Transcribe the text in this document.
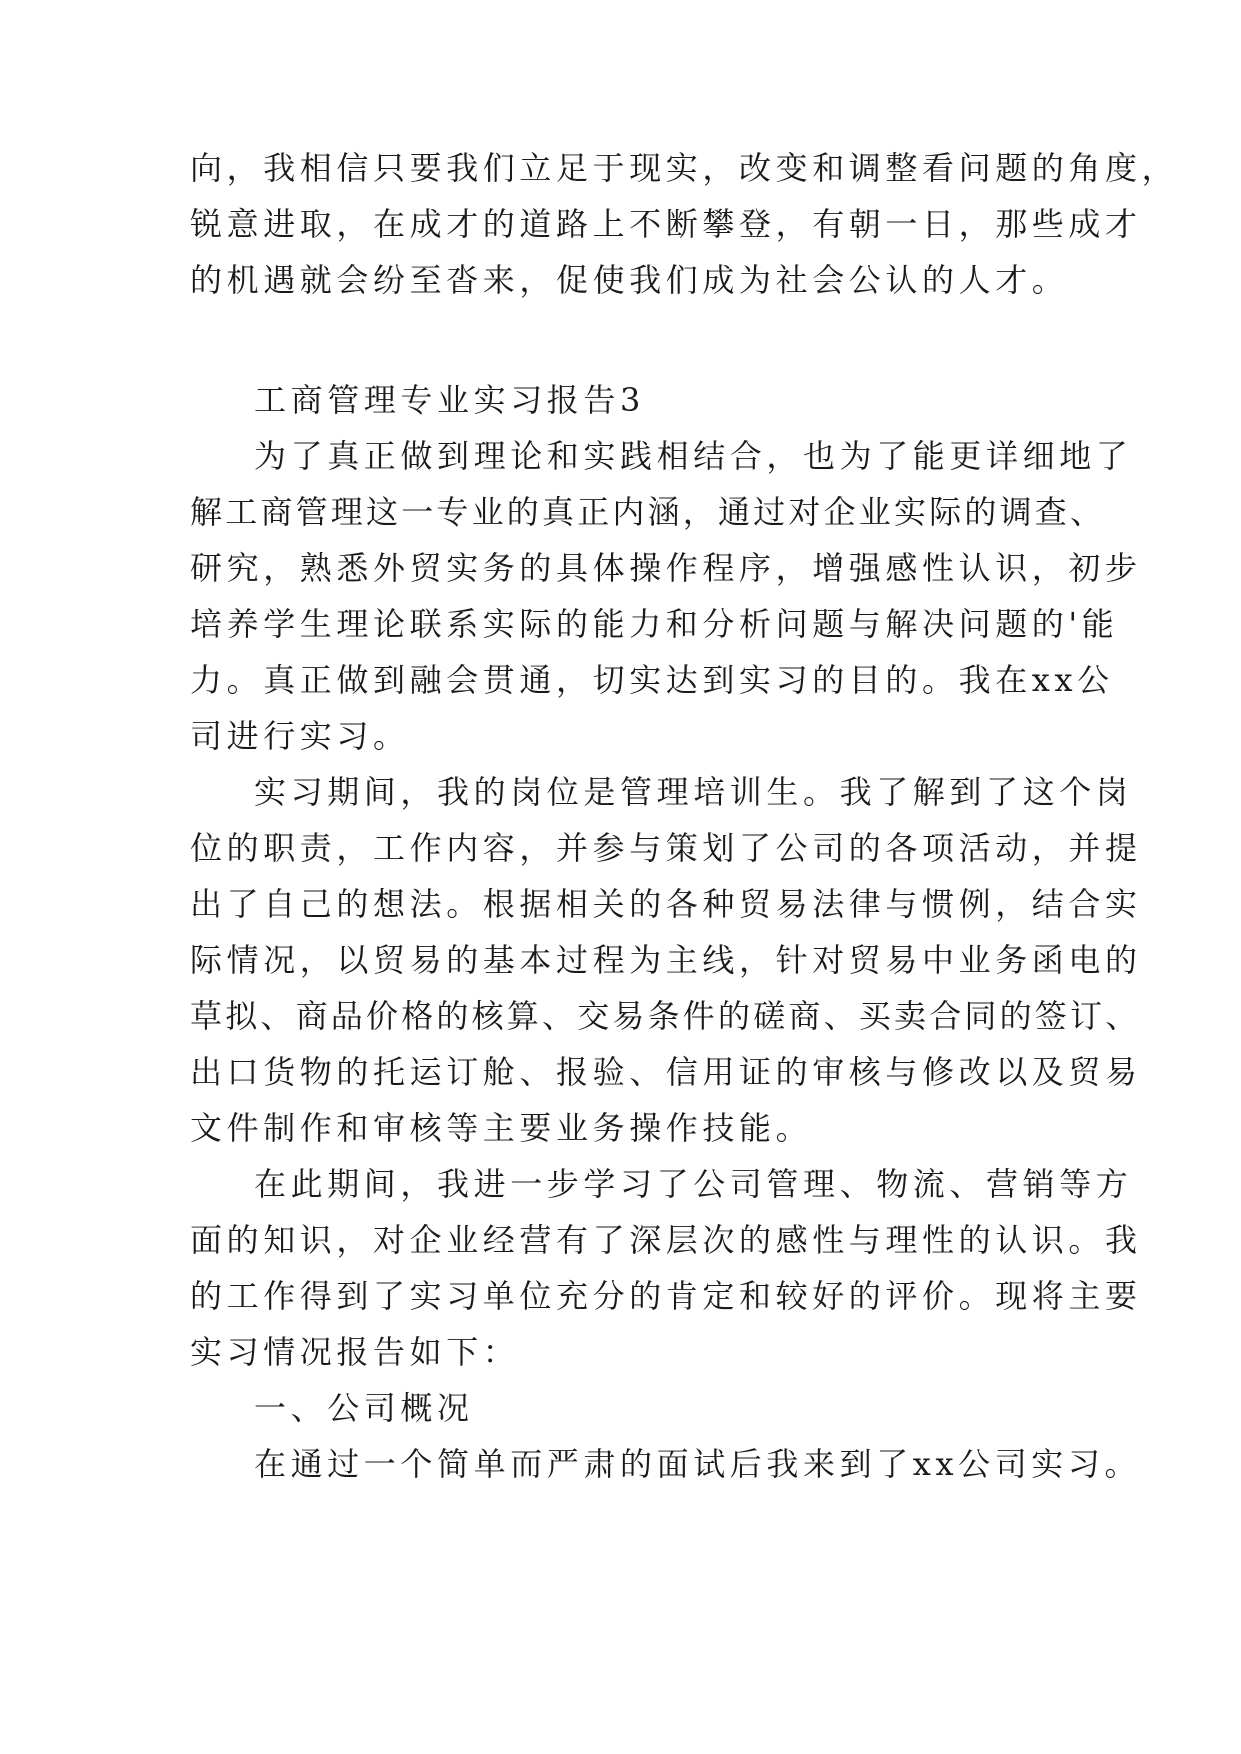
向，我相信只要我们立足于现实，改变和调整看问题的角度，
锐意进取，在成才的道路上不断攀登，有朝一日，那些成才
的机遇就会纷至沓来，促使我们成为社会公认的人才。
工商管理专业实习报告3
为了真正做到理论和实践相结合，也为了能更详细地了
解工商管理这一专业的真正内涵，通过对企业实际的调查、
研究，熟悉外贸实务的具体操作程序，增强感性认识，初步
培养学生理论联系实际的能力和分析问题与解决问题的'能
力。真正做到融会贯通，切实达到实习的目的。我在xx公
司进行实习。
实习期间，我的岗位是管理培训生。我了解到了这个岗
位的职责，工作内容，并参与策划了公司的各项活动，并提
出了自己的想法。根据相关的各种贸易法律与惯例，结合实
际情况，以贸易的基本过程为主线，针对贸易中业务函电的
草拟、商品价格的核算、交易条件的磋商、买卖合同的签订、
出口货物的托运订舱、报验、信用证的审核与修改以及贸易
文件制作和审核等主要业务操作技能。
在此期间，我进一步学习了公司管理、物流、营销等方
面的知识，对企业经营有了深层次的感性与理性的认识。我
的工作得到了实习单位充分的肯定和较好的评价。现将主要
实习情况报告如下：
一、公司概况
在通过一个简单而严肃的面试后我来到了xx公司实习。
